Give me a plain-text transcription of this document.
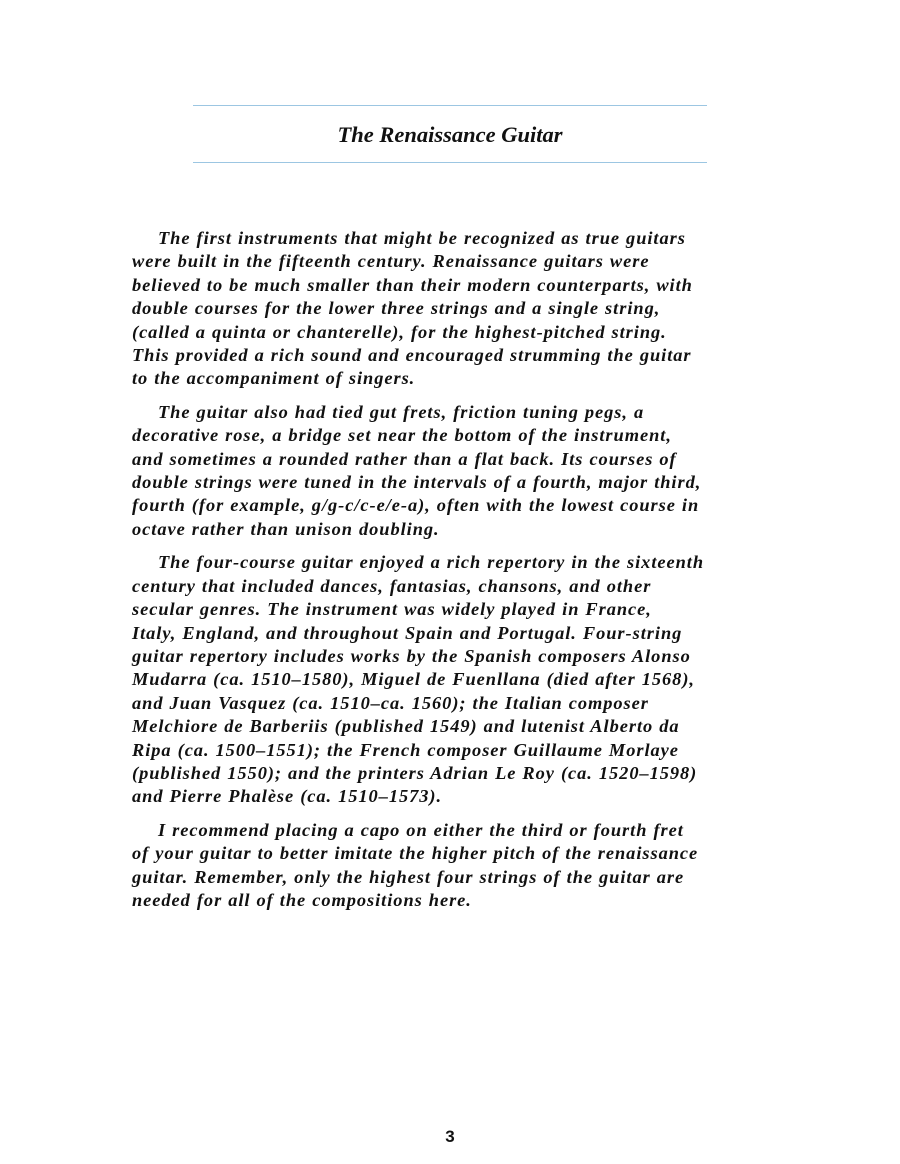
The Renaissance Guitar

The first instruments that might be recognized as true guitars
were built in the fifteenth century. Renaissance guitars were
believed to be much smaller than their modern counterparts, with
double courses for the lower three strings and a single string,
(called a quinta or chanterelle), for the highest-pitched string.
This provided a rich sound and encouraged strumming the guitar
to the accompaniment of singers.

The guitar also had tied gut frets, friction tuning pegs, a
decorative rose, a bridge set near the bottom of the instrument,
and sometimes a rounded rather than a flat back. Its courses of
double strings were tuned in the intervals of a fourth, major third,
fourth (for example, g/g-c/c-e/e-a), often with the lowest course in
octave rather than unison doubling.

The four-course guitar enjoyed a rich repertory in the sixteenth
century that included dances, fantasias, chansons, and other
secular genres. The instrument was widely played in France,
Italy, England, and throughout Spain and Portugal. Four-string
guitar repertory includes works by the Spanish composers Alonso
Mudarra (ca. 1510–1580), Miguel de Fuenllana (died after 1568),
and Juan Vasquez (ca. 1510–ca. 1560); the Italian composer
Melchiore de Barberiis (published 1549) and lutenist Alberto da
Ripa (ca. 1500–1551); the French composer Guillaume Morlaye
(published 1550); and the printers Adrian Le Roy (ca. 1520–1598)
and Pierre Phalèse (ca. 1510–1573).

I recommend placing a capo on either the third or fourth fret
of your guitar to better imitate the higher pitch of the renaissance
guitar. Remember, only the highest four strings of the guitar are
needed for all of the compositions here.

3
